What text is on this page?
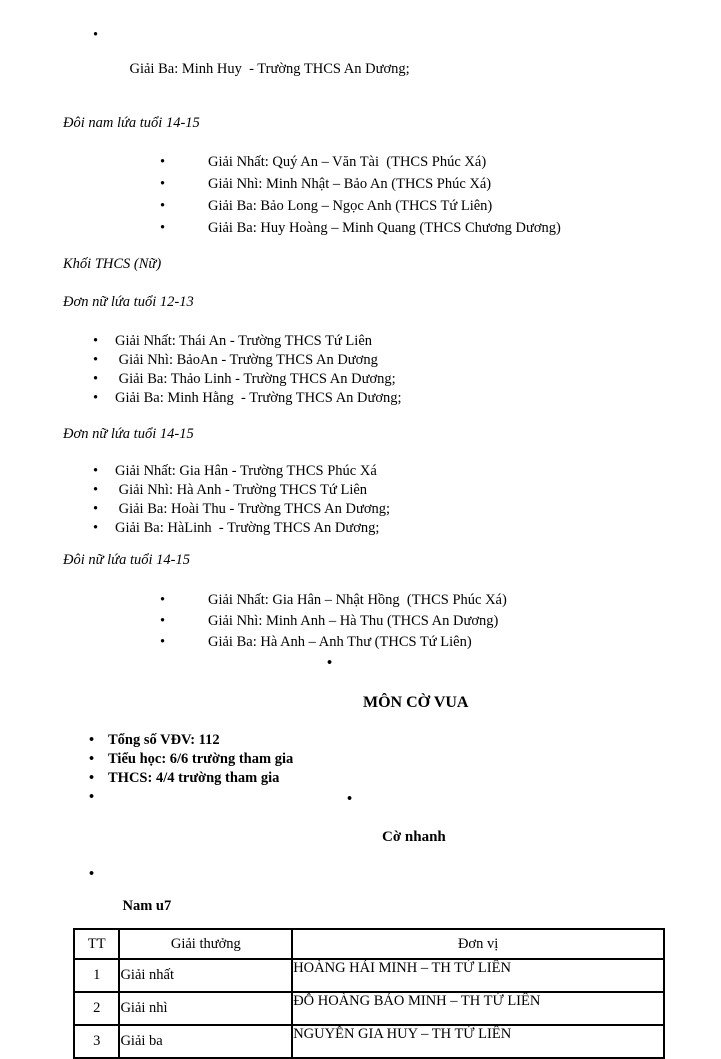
•

Giải Ba: Minh Huy  - Trường THCS An Dương;

Đôi nam lứa tuổi 14-15
•	Giải Nhất: Quý An – Văn Tài  (THCS Phúc Xá)
•	Giải Nhì: Minh Nhật – Bảo An (THCS Phúc Xá)
•	Giải Ba: Bảo Long – Ngọc Anh (THCS Tứ Liên)
•	Giải Ba: Huy Hoàng – Minh Quang (THCS Chương Dương)
Khối THCS (Nữ)
Đơn nữ lứa tuổi 12-13
• Giải Nhất: Thái An - Trường THCS Tứ Liên
• Giải Nhì: BảoAn - Trường THCS An Dương
• Giải Ba: Thảo Linh - Trường THCS An Dương;
• Giải Ba: Minh Hằng  - Trường THCS An Dương;
Đơn nữ lứa tuổi 14-15
• Giải Nhất: Gia Hân - Trường THCS Phúc Xá
• Giải Nhì: Hà Anh - Trường THCS Tứ Liên
• Giải Ba: Hoài Thu - Trường THCS An Dương;
• Giải Ba: HàLinh  - Trường THCS An Dương;
Đôi nữ lứa tuổi 14-15
•	Giải Nhất: Gia Hân – Nhật Hồng  (THCS Phúc Xá)
•	Giải Nhì: Minh Anh – Hà Thu (THCS An Dương)
•	Giải Ba: Hà Anh – Anh Thư (THCS Tứ Liên)

•

MÔN CỜ VUA

• Tổng số VĐV: 112
• Tiểu học: 6/6 trường tham gia
• THCS: 4/4 trường tham gia
•

	•

Cờ nhanh

•

Nam u7

TT	Giải thưởng	Đơn vị
1	Giải nhất	HOÀNG HẢI MINH – TH TỨ LIÊN
2	Giải nhì	ĐỖ HOÀNG BẢO MINH – TH TỨ LIÊN
3	Giải ba	NGUYỄN GIA HUY – TH TỨ LIÊN
